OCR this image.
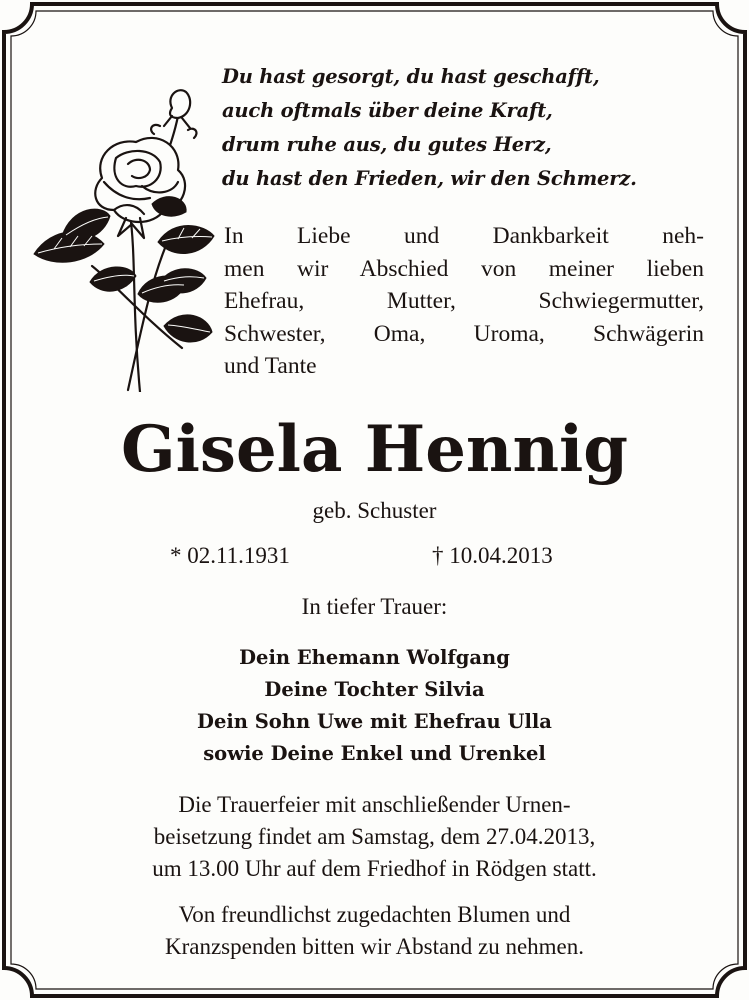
Du hast gesorgt, du hast geschafft,
auch oftmals über deine Kraft,
drum ruhe aus, du gutes Herz,
du hast den Frieden, wir den Schmerz.
In Liebe und Dankbarkeit neh-
men wir Abschied von meiner lieben
Ehefrau, Mutter, Schwiegermutter,
Schwester, Oma, Uroma, Schwägerin
und Tante
Gisela Hennig
geb. Schuster
* 02.11.1931	† 10.04.2013
In tiefer Trauer:
Dein Ehemann Wolfgang
Deine Tochter Silvia
Dein Sohn Uwe mit Ehefrau Ulla
sowie Deine Enkel und Urenkel
Die Trauerfeier mit anschließender Urnen-
beisetzung findet am Samstag, dem 27.04.2013,
um 13.00 Uhr auf dem Friedhof in Rödgen statt.
Von freundlichst zugedachten Blumen und
Kranzspenden bitten wir Abstand zu nehmen.
